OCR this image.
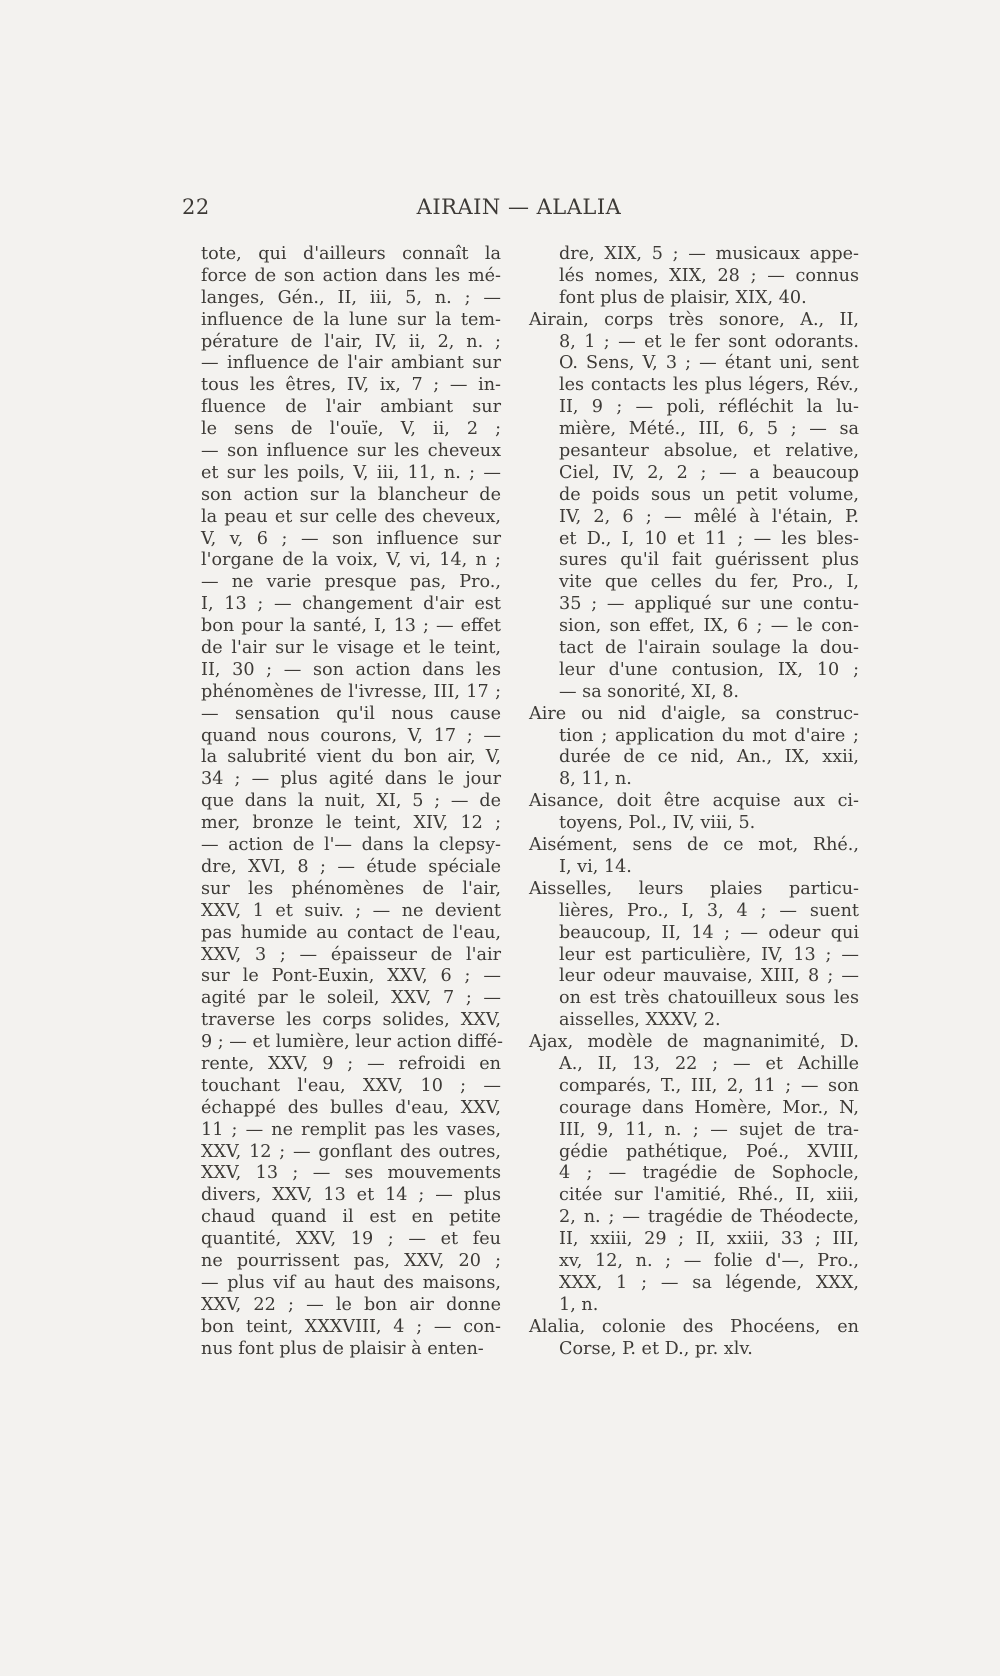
22	AIRAIN — ALALIA
tote, qui d'ailleurs connaît la
force de son action dans les mé-
langes, Gén., II, iii, 5, n. ; —
influence de la lune sur la tem-
pérature de l'air, IV, ii, 2, n. ;
— influence de l'air ambiant sur
tous les êtres, IV, ix, 7 ; — in-
fluence de l'air ambiant sur
le sens de l'ouïe, V, ii, 2 ;
— son influence sur les cheveux
et sur les poils, V, iii, 11, n. ; —
son action sur la blancheur de
la peau et sur celle des cheveux,
V, v, 6 ; — son influence sur
l'organe de la voix, V, vi, 14, n ;
— ne varie presque pas, Pro.,
I, 13 ; — changement d'air est
bon pour la santé, I, 13 ; — effet
de l'air sur le visage et le teint,
II, 30 ; — son action dans les
phénomènes de l'ivresse, III, 17 ;
— sensation qu'il nous cause
quand nous courons, V, 17 ; —
la salubrité vient du bon air, V,
34 ; — plus agité dans le jour
que dans la nuit, XI, 5 ; — de
mer, bronze le teint, XIV, 12 ;
— action de l'— dans la clepsy-
dre, XVI, 8 ; — étude spéciale
sur les phénomènes de l'air,
XXV, 1 et suiv. ; — ne devient
pas humide au contact de l'eau,
XXV, 3 ; — épaisseur de l'air
sur le Pont-Euxin, XXV, 6 ; —
agité par le soleil, XXV, 7 ; —
traverse les corps solides, XXV,
9 ; — et lumière, leur action diffé-
rente, XXV, 9 ; — refroidi en
touchant l'eau, XXV, 10 ; —
échappé des bulles d'eau, XXV,
11 ; — ne remplit pas les vases,
XXV, 12 ; — gonflant des outres,
XXV, 13 ; — ses mouvements
divers, XXV, 13 et 14 ; — plus
chaud quand il est en petite
quantité, XXV, 19 ; — et feu
ne pourrissent pas, XXV, 20 ;
— plus vif au haut des maisons,
XXV, 22 ; — le bon air donne
bon teint, XXXVIII, 4 ; — con-
nus font plus de plaisir à enten-
dre, XIX, 5 ; — musicaux appe-
lés nomes, XIX, 28 ; — connus
font plus de plaisir, XIX, 40.
Airain, corps très sonore, A., II,
8, 1 ; — et le fer sont odorants.
O. Sens, V, 3 ; — étant uni, sent
les contacts les plus légers, Rév.,
II, 9 ; — poli, réfléchit la lu-
mière, Mété., III, 6, 5 ; — sa
pesanteur absolue, et relative,
Ciel, IV, 2, 2 ; — a beaucoup
de poids sous un petit volume,
IV, 2, 6 ; — mêlé à l'étain, P.
et D., I, 10 et 11 ; — les bles-
sures qu'il fait guérissent plus
vite que celles du fer, Pro., I,
35 ; — appliqué sur une contu-
sion, son effet, IX, 6 ; — le con-
tact de l'airain soulage la dou-
leur d'une contusion, IX, 10 ;
— sa sonorité, XI, 8.
Aire ou nid d'aigle, sa construc-
tion ; application du mot d'aire ;
durée de ce nid, An., IX, xxii,
8, 11, n.
Aisance, doit être acquise aux ci-
toyens, Pol., IV, viii, 5.
Aisément, sens de ce mot, Rhé.,
I, vi, 14.
Aisselles, leurs plaies particu-
lières, Pro., I, 3, 4 ; — suent
beaucoup, II, 14 ; — odeur qui
leur est particulière, IV, 13 ; —
leur odeur mauvaise, XIII, 8 ; —
on est très chatouilleux sous les
aisselles, XXXV, 2.
Ajax, modèle de magnanimité, D.
A., II, 13, 22 ; — et Achille
comparés, T., III, 2, 11 ; — son
courage dans Homère, Mor., N,
III, 9, 11, n. ; — sujet de tra-
gédie pathétique, Poé., XVIII,
4 ; — tragédie de Sophocle,
citée sur l'amitié, Rhé., II, xiii,
2, n. ; — tragédie de Théodecte,
II, xxiii, 29 ; II, xxiii, 33 ; III,
xv, 12, n. ; — folie d'—, Pro.,
XXX, 1 ; — sa légende, XXX,
1, n.
Alalia, colonie des Phocéens, en
Corse, P. et D., pr. xlv.
